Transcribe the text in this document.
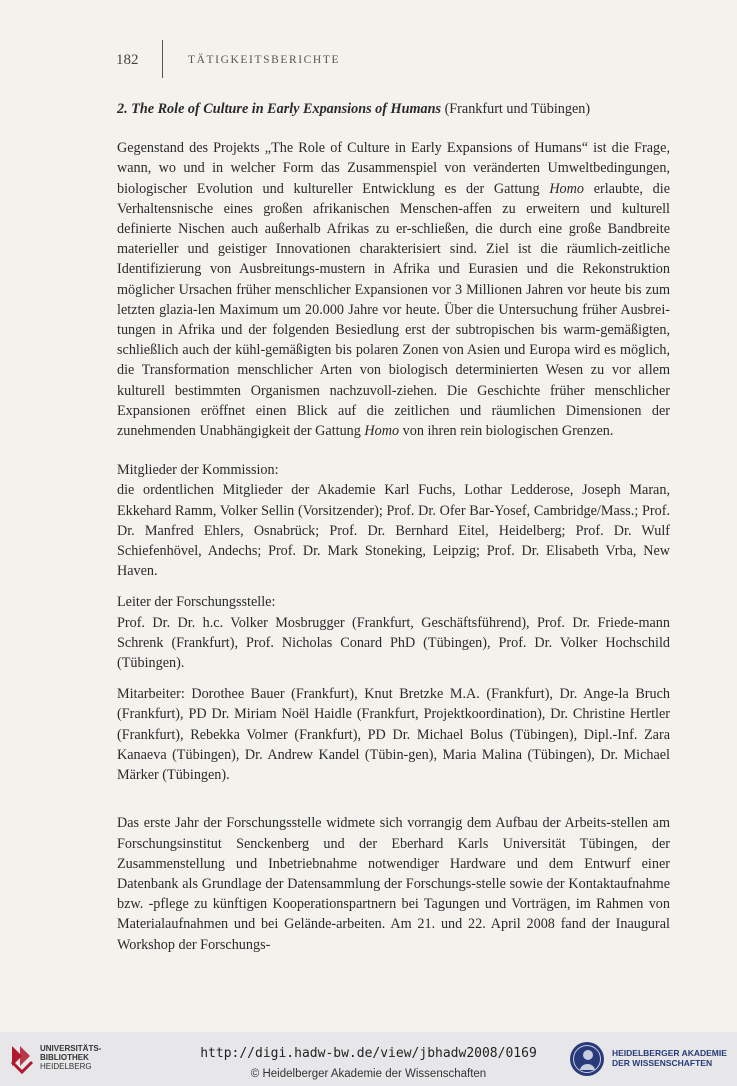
182	TÄTIGKEITSBERICHTE

2. The Role of Culture in Early Expansions of Humans (Frankfurt und Tübingen)

Gegenstand des Projekts „The Role of Culture in Early Expansions of Humans“ ist die Frage, wann, wo und in welcher Form das Zusammenspiel von veränderten Umweltbedingungen, biologischer Evolution und kultureller Entwicklung es der Gattung Homo erlaubte, die Verhaltensnische eines großen afrikanischen Menschen-affen zu erweitern und kulturell definierte Nischen auch außerhalb Afrikas zu er-schließen, die durch eine große Bandbreite materieller und geistiger Innovationen charakterisiert sind. Ziel ist die räumlich-zeitliche Identifizierung von Ausbreitungs-mustern in Afrika und Eurasien und die Rekonstruktion möglicher Ursachen früher menschlicher Expansionen vor 3 Millionen Jahren vor heute bis zum letzten glazia-len Maximum um 20.000 Jahre vor heute. Über die Untersuchung früher Ausbrei-tungen in Afrika und der folgenden Besiedlung erst der subtropischen bis warm-gemäßigten, schließlich auch der kühl-gemäßigten bis polaren Zonen von Asien und Europa wird es möglich, die Transformation menschlicher Arten von biologisch determinierten Wesen zu vor allem kulturell bestimmten Organismen nachzuvoll-ziehen. Die Geschichte früher menschlicher Expansionen eröffnet einen Blick auf die zeitlichen und räumlichen Dimensionen der zunehmenden Unabhängigkeit der Gattung Homo von ihren rein biologischen Grenzen.

Mitglieder der Kommission:

die ordentlichen Mitglieder der Akademie Karl Fuchs, Lothar Ledderose, Joseph Maran, Ekkehard Ramm, Volker Sellin (Vorsitzender); Prof. Dr. Ofer Bar-Yosef, Cambridge/Mass.; Prof. Dr. Manfred Ehlers, Osnabrück; Prof. Dr. Bernhard Eitel, Heidelberg; Prof. Dr. Wulf Schiefenhövel, Andechs; Prof. Dr. Mark Stoneking, Leipzig; Prof. Dr. Elisabeth Vrba, New Haven.

Leiter der Forschungsstelle:

Prof. Dr. Dr. h.c. Volker Mosbrugger (Frankfurt, Geschäftsführend), Prof. Dr. Friede-mann Schrenk (Frankfurt), Prof. Nicholas Conard PhD (Tübingen), Prof. Dr. Volker Hochschild (Tübingen).

Mitarbeiter: Dorothee Bauer (Frankfurt), Knut Bretzke M.A. (Frankfurt), Dr. Ange-la Bruch (Frankfurt), PD Dr. Miriam Noël Haidle (Frankfurt, Projektkoordination), Dr. Christine Hertler (Frankfurt), Rebekka Volmer (Frankfurt), PD Dr. Michael Bolus (Tübingen), Dipl.-Inf. Zara Kanaeva (Tübingen), Dr. Andrew Kandel (Tübin-gen), Maria Malina (Tübingen), Dr. Michael Märker (Tübingen).

Das erste Jahr der Forschungsstelle widmete sich vorrangig dem Aufbau der Arbeits-stellen am Forschungsinstitut Senckenberg und der Eberhard Karls Universität Tübingen, der Zusammenstellung und Inbetriebnahme notwendiger Hardware und dem Entwurf einer Datenbank als Grundlage der Datensammlung der Forschungs-stelle sowie der Kontaktaufnahme bzw. -pflege zu künftigen Kooperationspartnern bei Tagungen und Vorträgen, im Rahmen von Materialaufnahmen und bei Gelände-arbeiten. Am 21. und 22. April 2008 fand der Inaugural Workshop der Forschungs-

UNIVERSITÄTS-
BIBLIOTHEK
HEIDELBERG
http://digi.hadw-bw.de/view/jbhadw2008/0169
© Heidelberger Akademie der Wissenschaften
HEIDELBERGER AKADEMIE
DER WISSENSCHAFTEN
